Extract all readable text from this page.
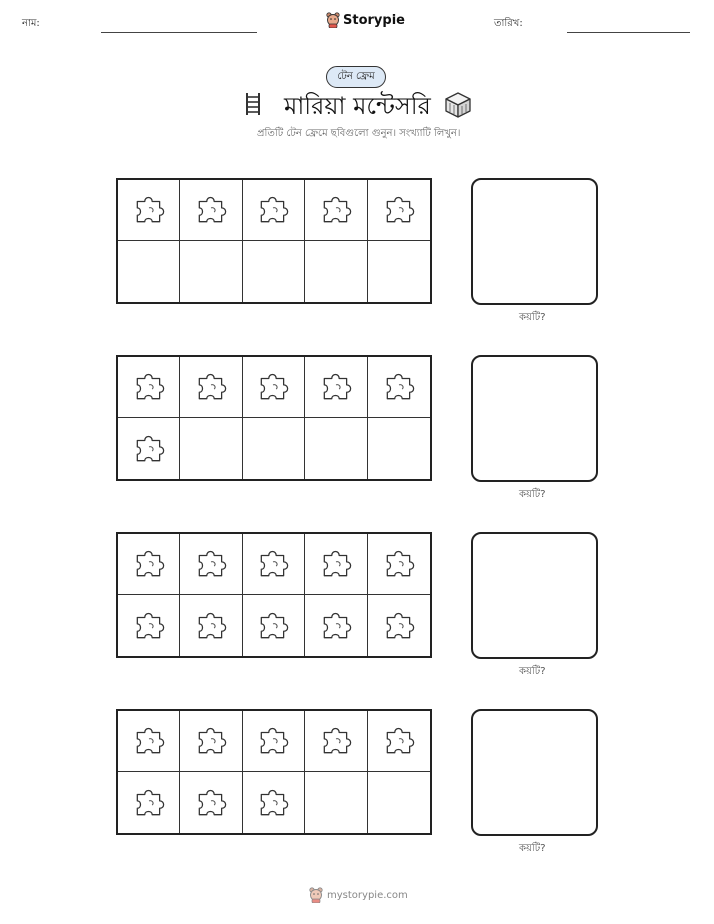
নাম:	Storypie	তারিখ:
টেন ফ্রেম
মারিয়া মন্টেসরি
প্রতিটি টেন ফ্রেমে ছবিগুলো গুনুন। সংখ্যাটি লিখুন।
কয়টি?
কয়টি?
কয়টি?
কয়টি?
mystorypie.com
